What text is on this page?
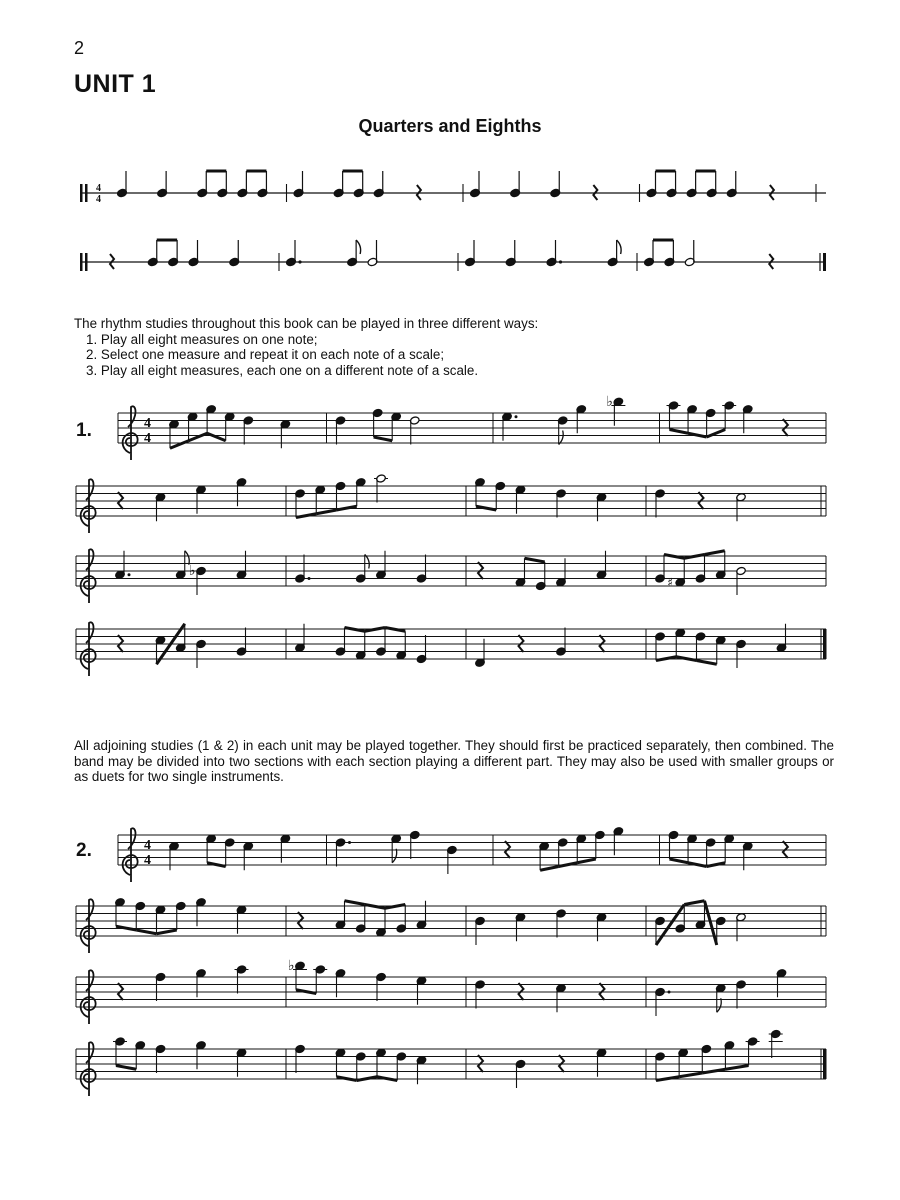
2
UNIT 1
Quarters and Eighths
4
4
4
4
♭
♭
♯
4
4
♭
The rhythm studies throughout this book can be played in three different ways:
1. Play all eight measures on one note;
2. Select one measure and repeat it on each note of a scale;
3. Play all eight measures, each one on a different note of a scale.
1.
All adjoining studies (1 & 2) in each unit may be played together. They should first be practiced separately, then combined. The band may be divided into two sections with each section playing a different part. They may also be used with smaller groups or as duets for two single instruments.
2.
